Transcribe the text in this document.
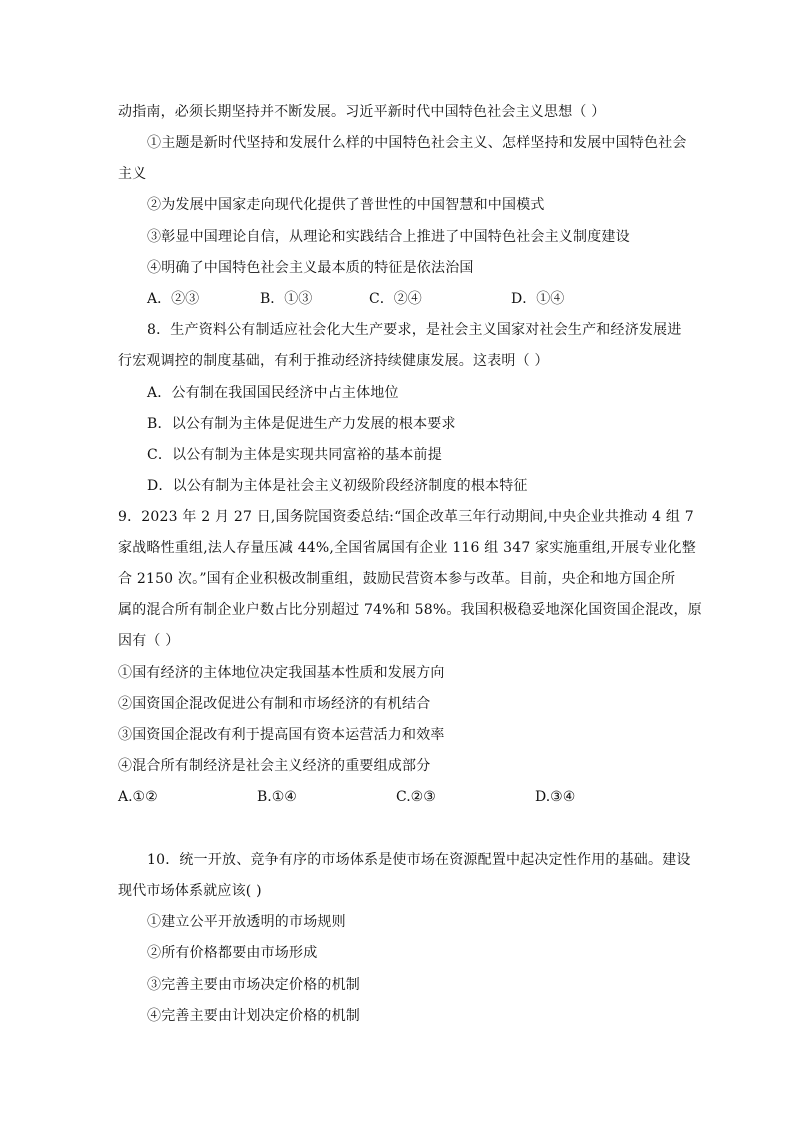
动指南，必须长期坚持并不断发展。习近平新时代中国特色社会主义思想（ ）
①主题是新时代坚持和发展什么样的中国特色社会主义、怎样坚持和发展中国特色社会
主义
②为发展中国家走向现代化提供了普世性的中国智慧和中国模式
③彰显中国理论自信，从理论和实践结合上推进了中国特色社会主义制度建设
④明确了中国特色社会主义最本质的特征是依法治国
A．②③	B．①③	C．②④	D．①④
8．生产资料公有制适应社会化大生产要求，是社会主义国家对社会生产和经济发展进
行宏观调控的制度基础，有利于推动经济持续健康发展。这表明（ ）
A．公有制在我国国民经济中占主体地位
B．以公有制为主体是促进生产力发展的根本要求
C．以公有制为主体是实现共同富裕的基本前提
D．以公有制为主体是社会主义初级阶段经济制度的根本特征
9．2023 年 2 月 27 日,国务院国资委总结:“国企改革三年行动期间,中央企业共推动 4 组 7
家战略性重组,法人存量压减 44%,全国省属国有企业 116 组 347 家实施重组,开展专业化整
合 2150 次。”国有企业积极改制重组，鼓励民营资本参与改革。目前，央企和地方国企所
属的混合所有制企业户数占比分别超过 74%和 58%。我国积极稳妥地深化国资国企混改，原
因有（ ）
①国有经济的主体地位决定我国基本性质和发展方向
②国资国企混改促进公有制和市场经济的有机结合
③国资国企混改有利于提高国有资本运营活力和效率
④混合所有制经济是社会主义经济的重要组成部分
A.①②	B.①④	C.②③	D.③④
10．统一开放、竞争有序的市场体系是使市场在资源配置中起决定性作用的基础。建设
现代市场体系就应该( )
①建立公平开放透明的市场规则
②所有价格都要由市场形成
③完善主要由市场决定价格的机制
④完善主要由计划决定价格的机制
